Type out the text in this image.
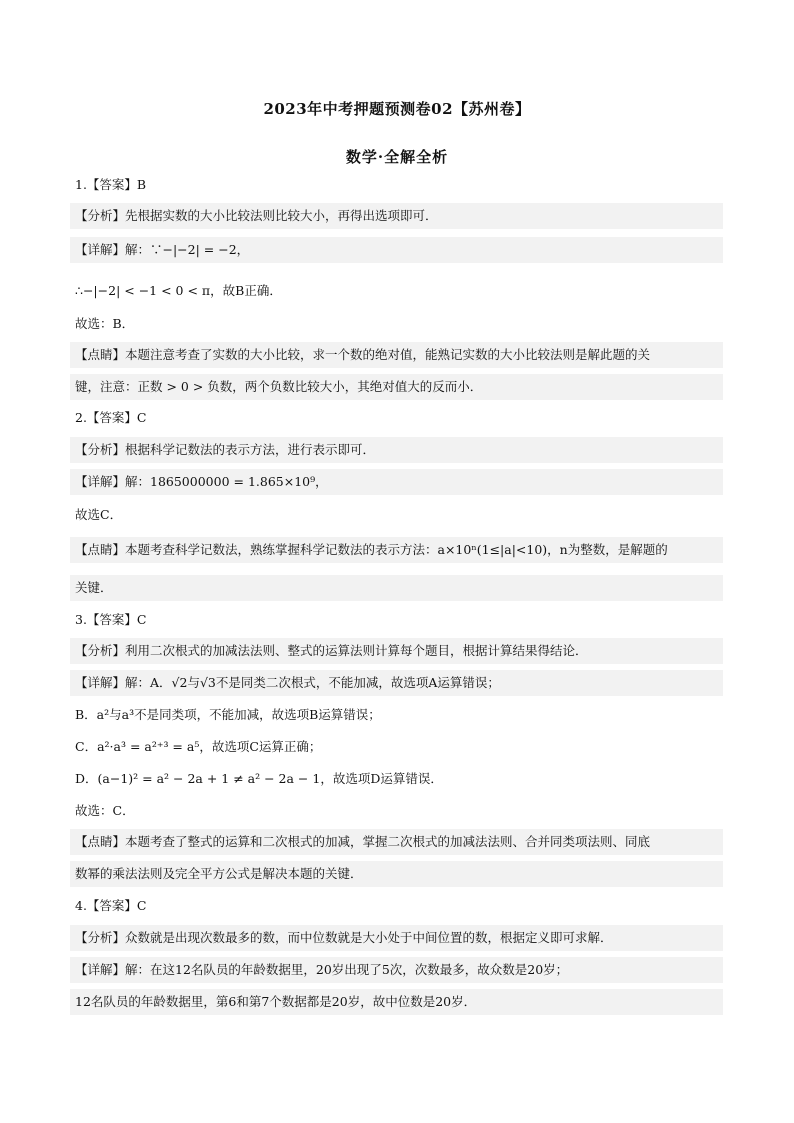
2023年中考押题预测卷02【苏州卷】
数学·全解全析
1.【答案】B
【分析】先根据实数的大小比较法则比较大小，再得出选项即可．
【详解】解：∵−|−2| = −2，
∴−|−2| < −1 < 0 < π，故B正确．
故选：B．
【点睛】本题注意考查了实数的大小比较，求一个数的绝对值，能熟记实数的大小比较法则是解此题的关
键，注意：正数 > 0 > 负数，两个负数比较大小，其绝对值大的反而小．
2.【答案】C
【分析】根据科学记数法的表示方法，进行表示即可．
【详解】解：1865000000 = 1.865×10⁹，
故选C．
【点睛】本题考查科学记数法，熟练掌握科学记数法的表示方法：a×10ⁿ(1≤|a|<10)，n为整数，是解题的
关键．
3.【答案】C
【分析】利用二次根式的加减法法则、整式的运算法则计算每个题目，根据计算结果得结论．
【详解】解：A．√2与√3不是同类二次根式，不能加减，故选项A运算错误；
B．a²与a³不是同类项，不能加减，故选项B运算错误；
C．a²·a³ = a²⁺³ = a⁵，故选项C运算正确；
D．(a−1)² = a² − 2a + 1 ≠ a² − 2a − 1，故选项D运算错误．
故选：C．
【点睛】本题考查了整式的运算和二次根式的加减，掌握二次根式的加减法法则、合并同类项法则、同底
数幂的乘法法则及完全平方公式是解决本题的关键．
4.【答案】C
【分析】众数就是出现次数最多的数，而中位数就是大小处于中间位置的数，根据定义即可求解．
【详解】解：在这12名队员的年龄数据里，20岁出现了5次，次数最多，故众数是20岁；
12名队员的年龄数据里，第6和第7个数据都是20岁，故中位数是20岁．
